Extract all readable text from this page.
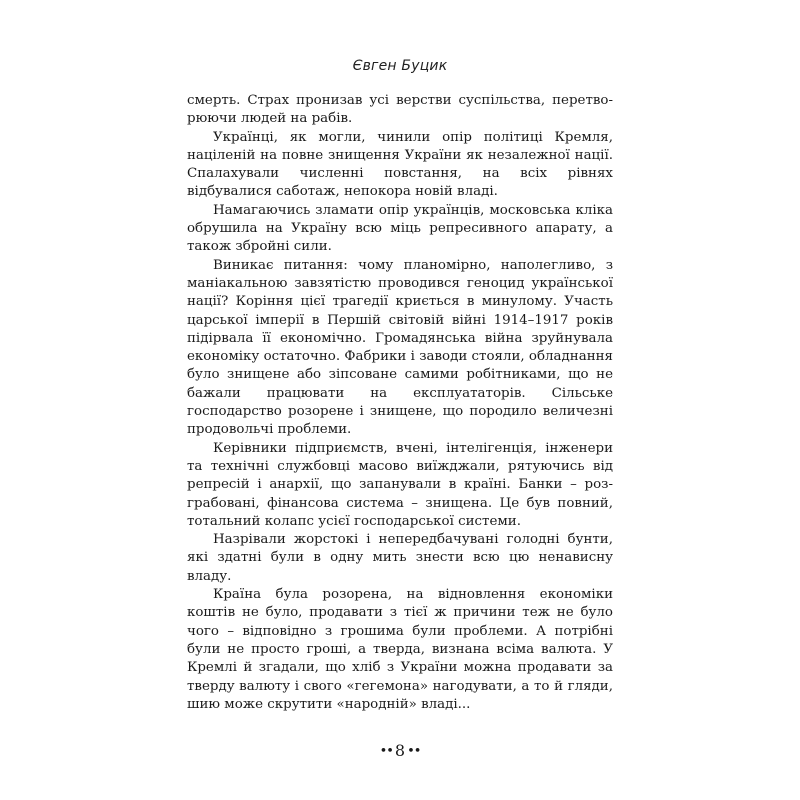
Євген Буцик

смерть. Страх пронизав усі верстви суспільства, перетворюючи людей на рабів.

Українці, як могли, чинили опір політиці Кремля, націленій на повне знищення України як незалежної нації. Спалахували численні повстання, на всіх рівнях відбувалися саботаж, непокора новій владі.

Намагаючись зламати опір українців, московська кліка обрушила на Україну всю міць репресивного апарату, а також збройні сили.

Виникає питання: чому планомірно, наполегливо, з маніакальною завзятістю проводився геноцид української нації? Коріння цієї трагедії криється в минулому. Участь царської імперії в Першій світовій війні 1914–1917 років підірвала її економічно. Громадянська війна зруйнувала економіку остаточно. Фабрики і заводи стояли, обладнання було знищене або зіпсоване самими робітниками, що не бажали працювати на експлуататорів. Сільське господарство розорене і знищене, що породило величезні продовольчі проблеми.

Керівники підприємств, вчені, інтелігенція, інженери та технічні службовці масово виїжджали, рятуючись від репресій і анархії, що запанували в країні. Банки – розграбовані, фінансова система – знищена. Це був повний, тотальний колапс усієї господарської системи.

Назрівали жорстокі і непередбачувані голодні бунти, які здатні були в одну мить знести всю цю ненависну владу.

Країна була розорена, на відновлення економіки коштів не було, продавати з тієї ж причини теж не було чого – відповідно з грошима були проблеми. А потрібні були не просто гроші, а тверда, визнана всіма валюта. У Кремлі й згадали, що хліб з України можна продавати за тверду валюту і свого «гегемона» нагодувати, а то й гляди, шию може скрутити «народній» владі...

•• 8 ••
